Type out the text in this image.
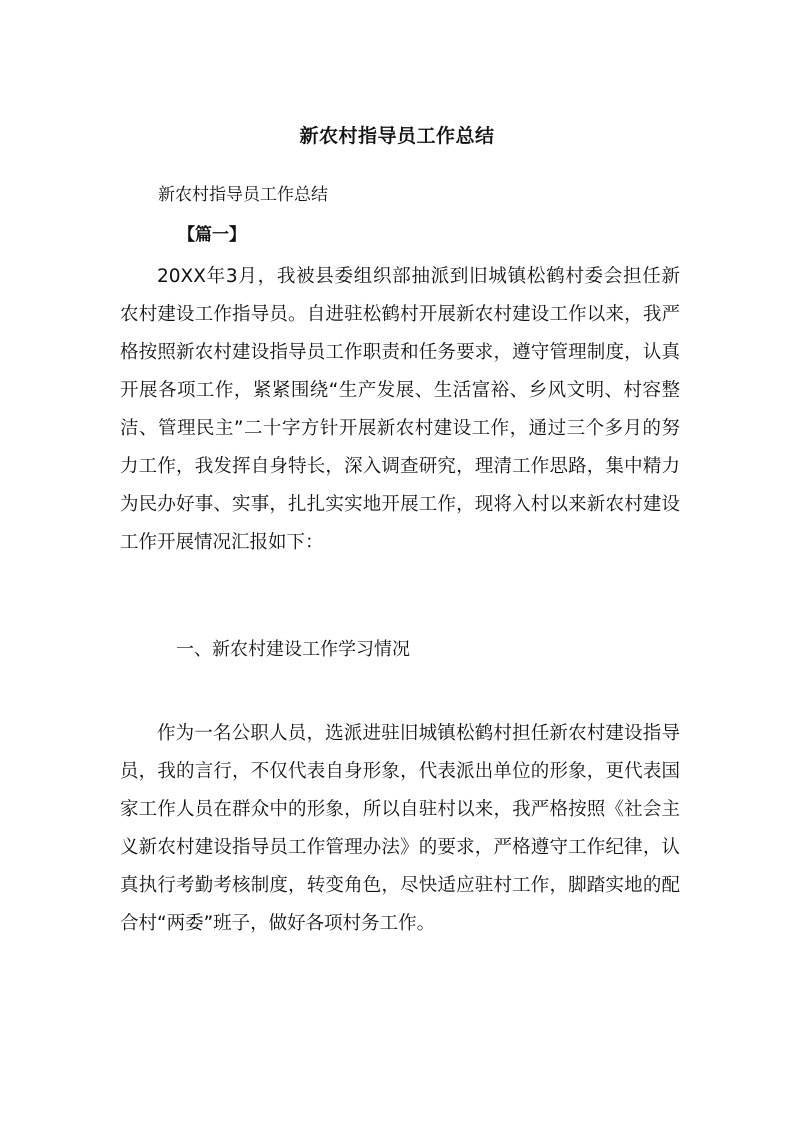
新农村指导员工作总结
新农村指导员工作总结
【篇一】

20XX年3月，我被县委组织部抽派到旧城镇松鹤村委会担任新农村建设工作指导员。自进驻松鹤村开展新农村建设工作以来，我严格按照新农村建设指导员工作职责和任务要求，遵守管理制度，认真开展各项工作，紧紧围绕“生产发展、生活富裕、乡风文明、村容整洁、管理民主”二十字方针开展新农村建设工作，通过三个多月的努力工作，我发挥自身特长，深入调查研究，理清工作思路，集中精力为民办好事、实事，扎扎实实地开展工作，现将入村以来新农村建设工作开展情况汇报如下：

一、新农村建设工作学习情况

作为一名公职人员，选派进驻旧城镇松鹤村担任新农村建设指导员，我的言行，不仅代表自身形象，代表派出单位的形象，更代表国家工作人员在群众中的形象，所以自驻村以来，我严格按照《社会主义新农村建设指导员工作管理办法》的要求，严格遵守工作纪律，认真执行考勤考核制度，转变角色，尽快适应驻村工作，脚踏实地的配合村“两委”班子，做好各项村务工作。
